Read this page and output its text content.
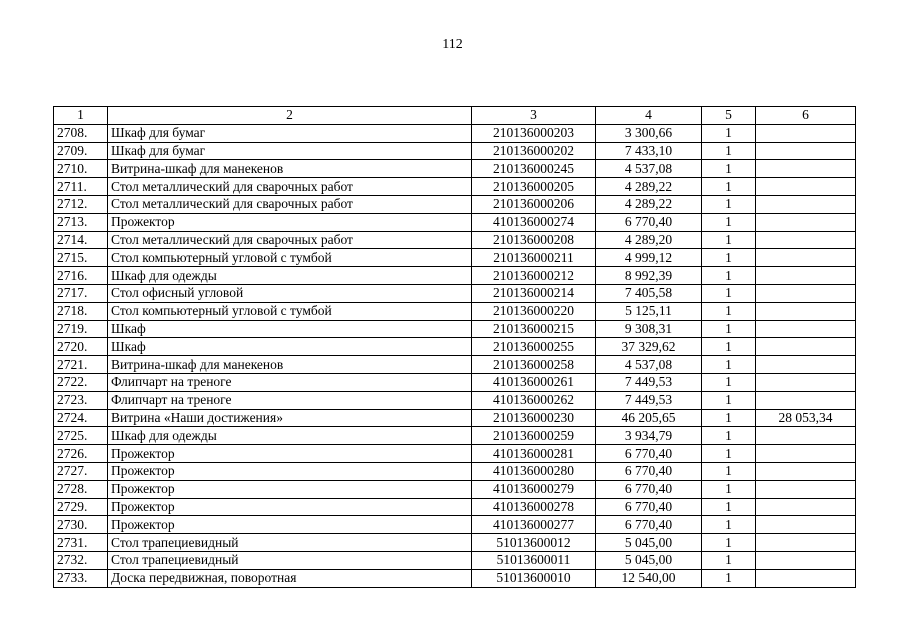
112
1	2	3	4	5	6
2708.	Шкаф для бумаг	210136000203	3 300,66	1	
2709.	Шкаф для бумаг	210136000202	7 433,10	1	
2710.	Витрина-шкаф для манекенов	210136000245	4 537,08	1	
2711.	Стол металлический для сварочных работ	210136000205	4 289,22	1	
2712.	Стол металлический для сварочных работ	210136000206	4 289,22	1	
2713.	Прожектор	410136000274	6 770,40	1	
2714.	Стол металлический для сварочных работ	210136000208	4 289,20	1	
2715.	Стол компьютерный угловой с тумбой	210136000211	4 999,12	1	
2716.	Шкаф для одежды	210136000212	8 992,39	1	
2717.	Стол офисный угловой	210136000214	7 405,58	1	
2718.	Стол компьютерный угловой с тумбой	210136000220	5 125,11	1	
2719.	Шкаф	210136000215	9 308,31	1	
2720.	Шкаф	210136000255	37 329,62	1	
2721.	Витрина-шкаф для манекенов	210136000258	4 537,08	1	
2722.	Флипчарт на треноге	410136000261	7 449,53	1	
2723.	Флипчарт на треноге	410136000262	7 449,53	1	
2724.	Витрина «Наши достижения»	210136000230	46 205,65	1	28 053,34
2725.	Шкаф для одежды	210136000259	3 934,79	1	
2726.	Прожектор	410136000281	6 770,40	1	
2727.	Прожектор	410136000280	6 770,40	1	
2728.	Прожектор	410136000279	6 770,40	1	
2729.	Прожектор	410136000278	6 770,40	1	
2730.	Прожектор	410136000277	6 770,40	1	
2731.	Стол трапециевидный	51013600012	5 045,00	1	
2732.	Стол трапециевидный	51013600011	5 045,00	1	
2733.	Доска передвижная, поворотная	51013600010	12 540,00	1	
